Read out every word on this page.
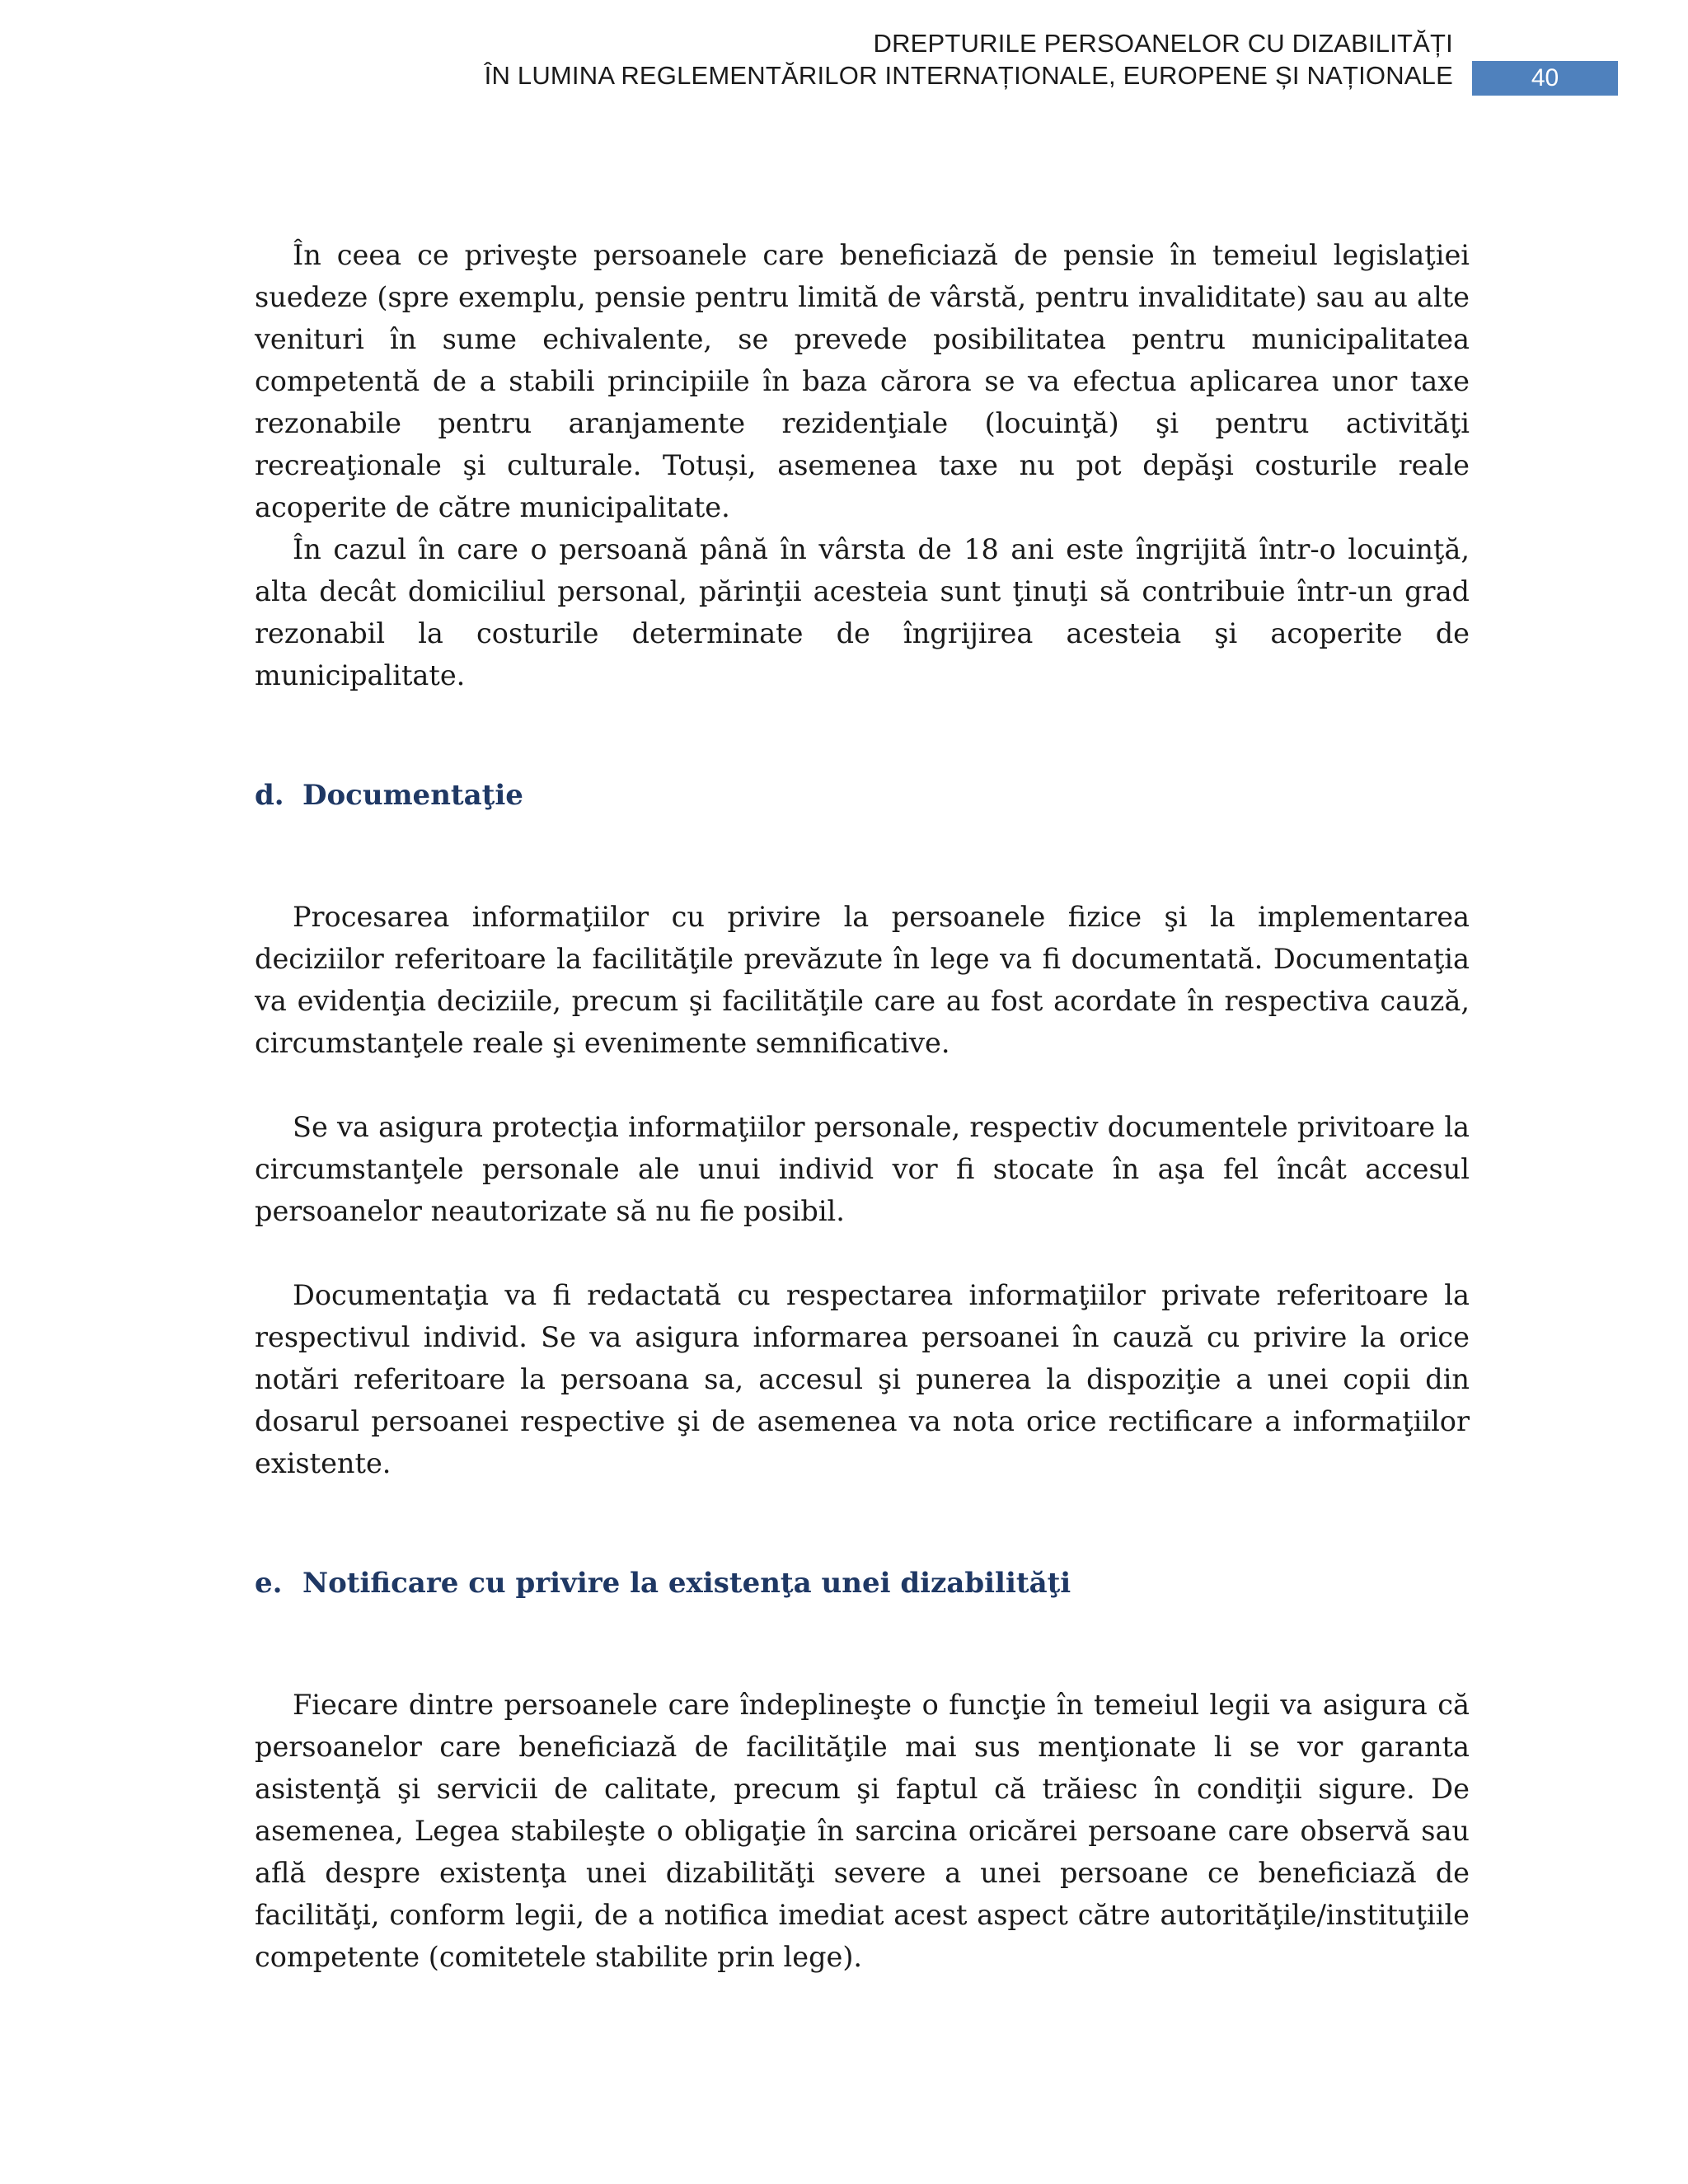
DREPTURILE PERSOANELOR CU DIZABILITĂȚI
ÎN LUMINA REGLEMENTĂRILOR INTERNAȚIONALE, EUROPENE ȘI NAȚIONALE	40

În ceea ce priveşte persoanele care beneficiază de pensie în temeiul legislaţiei suedeze (spre exemplu, pensie pentru limită de vârstă, pentru invaliditate) sau au alte venituri în sume echivalente, se prevede posibilitatea pentru municipalitatea competentă de a stabili principiile în baza cărora se va efectua aplicarea unor taxe rezonabile pentru aranjamente rezidenţiale (locuinţă) şi pentru activităţi recreaţionale şi culturale. Totuși, asemenea taxe nu pot depăşi costurile reale acoperite de către municipalitate.

În cazul în care o persoană până în vârsta de 18 ani este îngrijită într-o locuinţă, alta decât domiciliul personal, părinţii acesteia sunt ţinuţi să contribuie într-un grad rezonabil la costurile determinate de îngrijirea acesteia şi acoperite de municipalitate.

d. Documentaţie

Procesarea informaţiilor cu privire la persoanele fizice şi la implementarea deciziilor referitoare la facilităţile prevăzute în lege va fi documentată. Documentaţia va evidenţia deciziile, precum şi facilităţile care au fost acordate în respectiva cauză, circumstanţele reale şi evenimente semnificative.

Se va asigura protecţia informaţiilor personale, respectiv documentele privitoare la circumstanţele personale ale unui individ vor fi stocate în aşa fel încât accesul persoanelor neautorizate să nu fie posibil.

Documentaţia va fi redactată cu respectarea informaţiilor private referitoare la respectivul individ. Se va asigura informarea persoanei în cauză cu privire la orice notări referitoare la persoana sa, accesul şi punerea la dispoziţie a unei copii din dosarul persoanei respective şi de asemenea va nota orice rectificare a informaţiilor existente.

e. Notificare cu privire la existenţa unei dizabilităţi

Fiecare dintre persoanele care îndeplineşte o funcţie în temeiul legii va asigura că persoanelor care beneficiază de facilităţile mai sus menţionate li se vor garanta asistenţă şi servicii de calitate, precum şi faptul că trăiesc în condiţii sigure. De asemenea, Legea stabileşte o obligaţie în sarcina oricărei persoane care observă sau află despre existenţa unei dizabilităţi severe a unei persoane ce beneficiază de facilităţi, conform legii, de a notifica imediat acest aspect către autorităţile/instituţiile competente (comitetele stabilite prin lege).
